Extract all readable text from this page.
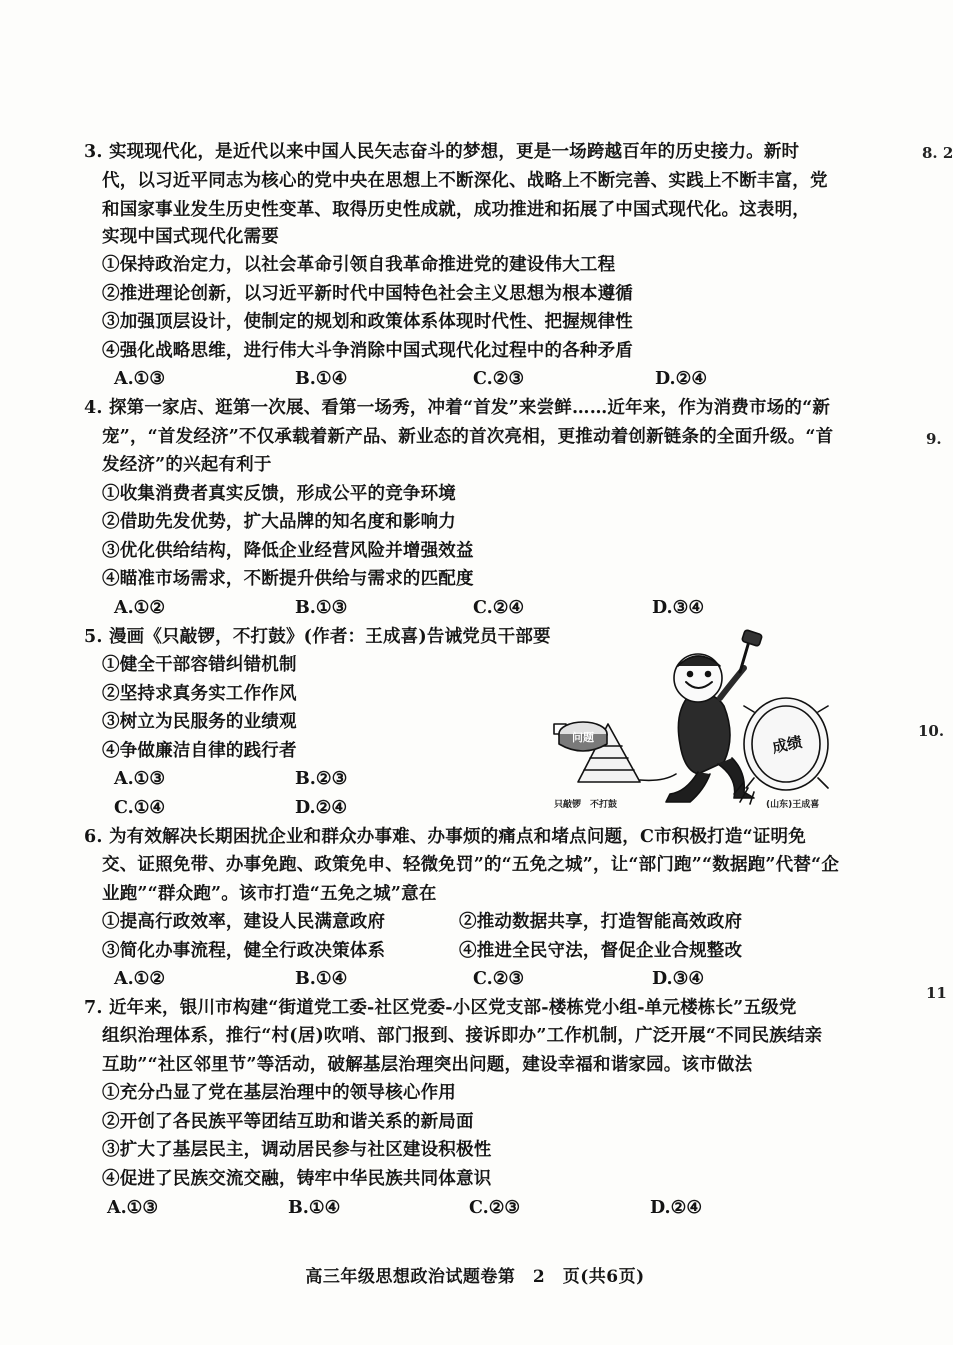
3. 实现现代化，是近代以来中国人民矢志奋斗的梦想，更是一场跨越百年的历史接力。新时
代，以习近平同志为核心的党中央在思想上不断深化、战略上不断完善、实践上不断丰富，党
和国家事业发生历史性变革、取得历史性成就，成功推进和拓展了中国式现代化。这表明，
实现中国式现代化需要
①保持政治定力，以社会革命引领自我革命推进党的建设伟大工程
②推进理论创新，以习近平新时代中国特色社会主义思想为根本遵循
③加强顶层设计，使制定的规划和政策体系体现时代性、把握规律性
④强化战略思维，进行伟大斗争消除中国式现代化过程中的各种矛盾
A.①③	B.①④	C.②③	D.②④
4. 探第一家店、逛第一次展、看第一场秀，冲着“首发”来尝鲜……近年来，作为消费市场的“新
宠”，“首发经济”不仅承载着新产品、新业态的首次亮相，更推动着创新链条的全面升级。“首
发经济”的兴起有利于
①收集消费者真实反馈，形成公平的竞争环境
②借助先发优势，扩大品牌的知名度和影响力
③优化供给结构，降低企业经营风险并增强效益
④瞄准市场需求，不断提升供给与需求的匹配度
A.①②	B.①③	C.②④	D.③④
5. 漫画《只敲锣，不打鼓》(作者：王成喜)告诫党员干部要
①健全干部容错纠错机制
②坚持求真务实工作作风
③树立为民服务的业绩观
④争做廉洁自律的践行者
A.①③	B.②③
C.①④	D.②④
问题	成绩
只敲锣　不打鼓	(山东)王成喜
6. 为有效解决长期困扰企业和群众办事难、办事烦的痛点和堵点问题，C市积极打造“证明免
交、证照免带、办事免跑、政策免申、轻微免罚”的“五免之城”，让“部门跑”“数据跑”代替“企
业跑”“群众跑”。该市打造“五免之城”意在
①提高行政效率，建设人民满意政府	②推动数据共享，打造智能高效政府
③简化办事流程，健全行政决策体系	④推进全民守法，督促企业合规整改
A.①②	B.①④	C.②③	D.③④
7. 近年来，银川市构建“街道党工委-社区党委-小区党支部-楼栋党小组-单元楼栋长”五级党
组织治理体系，推行“村(居)吹哨、部门报到、接诉即办”工作机制，广泛开展“不同民族结亲
互助”“社区邻里节”等活动，破解基层治理突出问题，建设幸福和谐家园。该市做法
①充分凸显了党在基层治理中的领导核心作用
②开创了各民族平等团结互助和谐关系的新局面
③扩大了基层民主，调动居民参与社区建设积极性
④促进了民族交流交融，铸牢中华民族共同体意识
A.①③	B.①④	C.②③	D.②④
8. 2
9.
10.
11
高三年级思想政治试题卷第　2　页(共6页)
